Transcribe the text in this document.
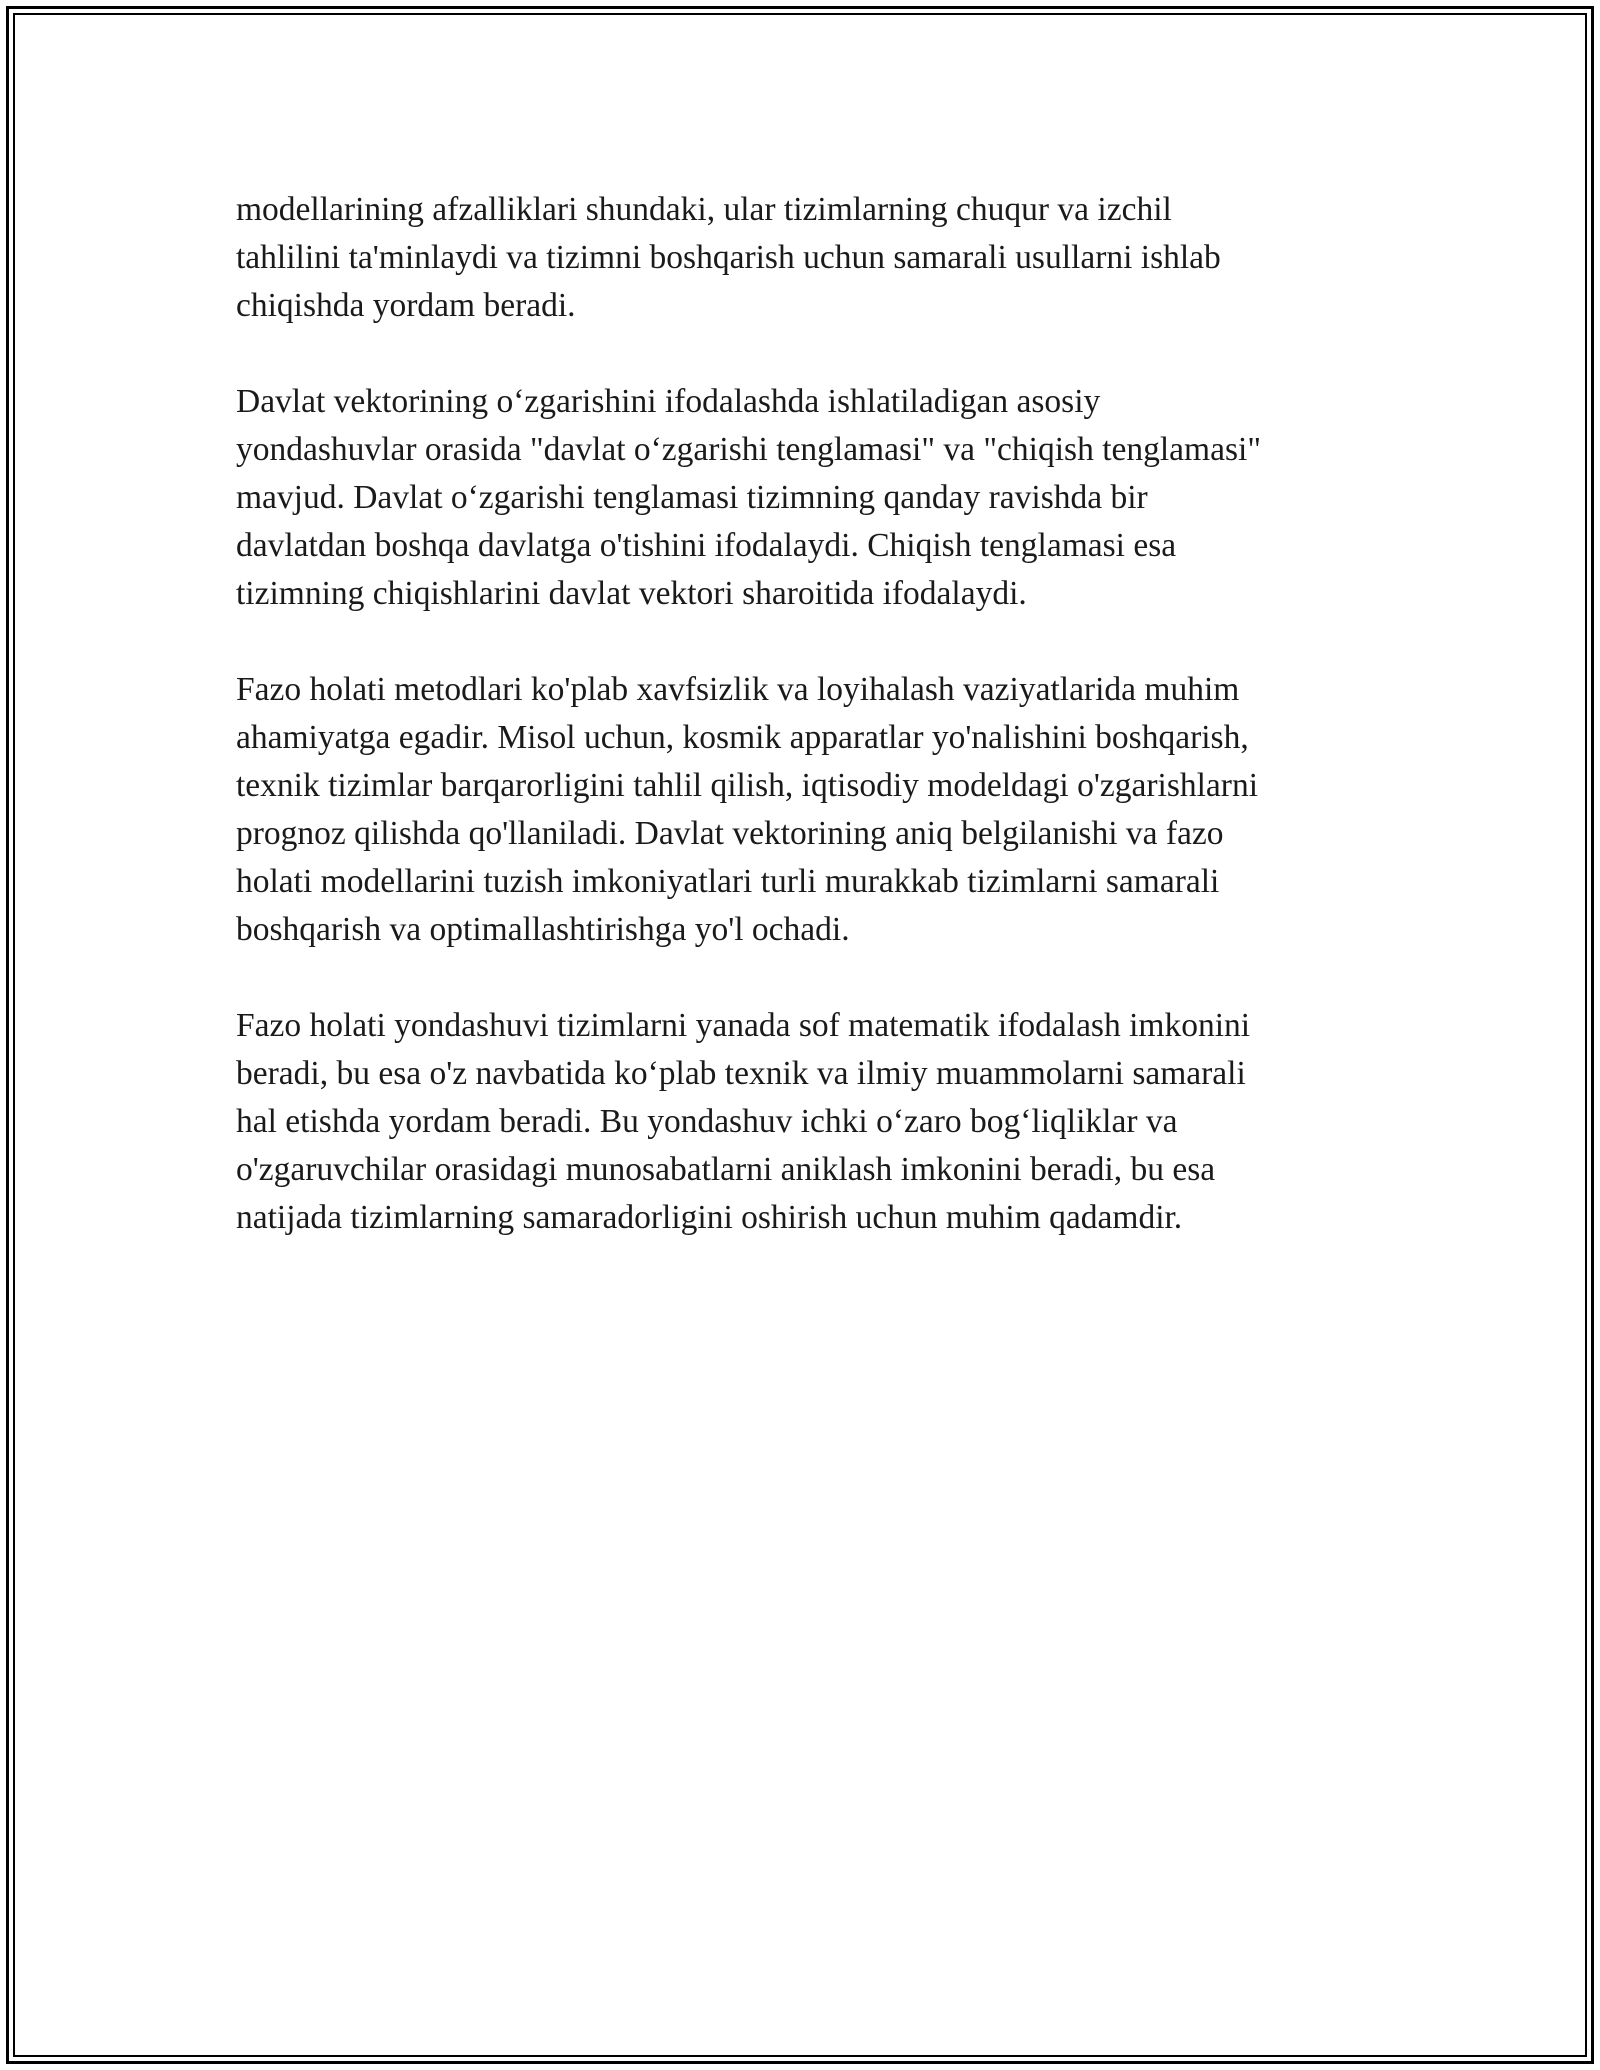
modellarining afzalliklari shundaki, ular tizimlarning chuqur va izchil
tahlilini ta'minlaydi va tizimni boshqarish uchun samarali usullarni ishlab
chiqishda yordam beradi.

Davlat vektorining o‘zgarishini ifodalashda ishlatiladigan asosiy
yondashuvlar orasida "davlat o‘zgarishi tenglamasi" va "chiqish tenglamasi"
mavjud. Davlat o‘zgarishi tenglamasi tizimning qanday ravishda bir
davlatdan boshqa davlatga o'tishini ifodalaydi. Chiqish tenglamasi esa
tizimning chiqishlarini davlat vektori sharoitida ifodalaydi.

Fazo holati metodlari ko'plab xavfsizlik va loyihalash vaziyatlarida muhim
ahamiyatga egadir. Misol uchun, kosmik apparatlar yo'nalishini boshqarish,
texnik tizimlar barqarorligini tahlil qilish, iqtisodiy modeldagi o'zgarishlarni
prognoz qilishda qo'llaniladi. Davlat vektorining aniq belgilanishi va fazo
holati modellarini tuzish imkoniyatlari turli murakkab tizimlarni samarali
boshqarish va optimallashtirishga yo'l ochadi.

Fazo holati yondashuvi tizimlarni yanada sof matematik ifodalash imkonini
beradi, bu esa o'z navbatida ko‘plab texnik va ilmiy muammolarni samarali
hal etishda yordam beradi. Bu yondashuv ichki o‘zaro bog‘liqliklar va
o'zgaruvchilar orasidagi munosabatlarni aniklash imkonini beradi, bu esa
natijada tizimlarning samaradorligini oshirish uchun muhim qadamdir.
